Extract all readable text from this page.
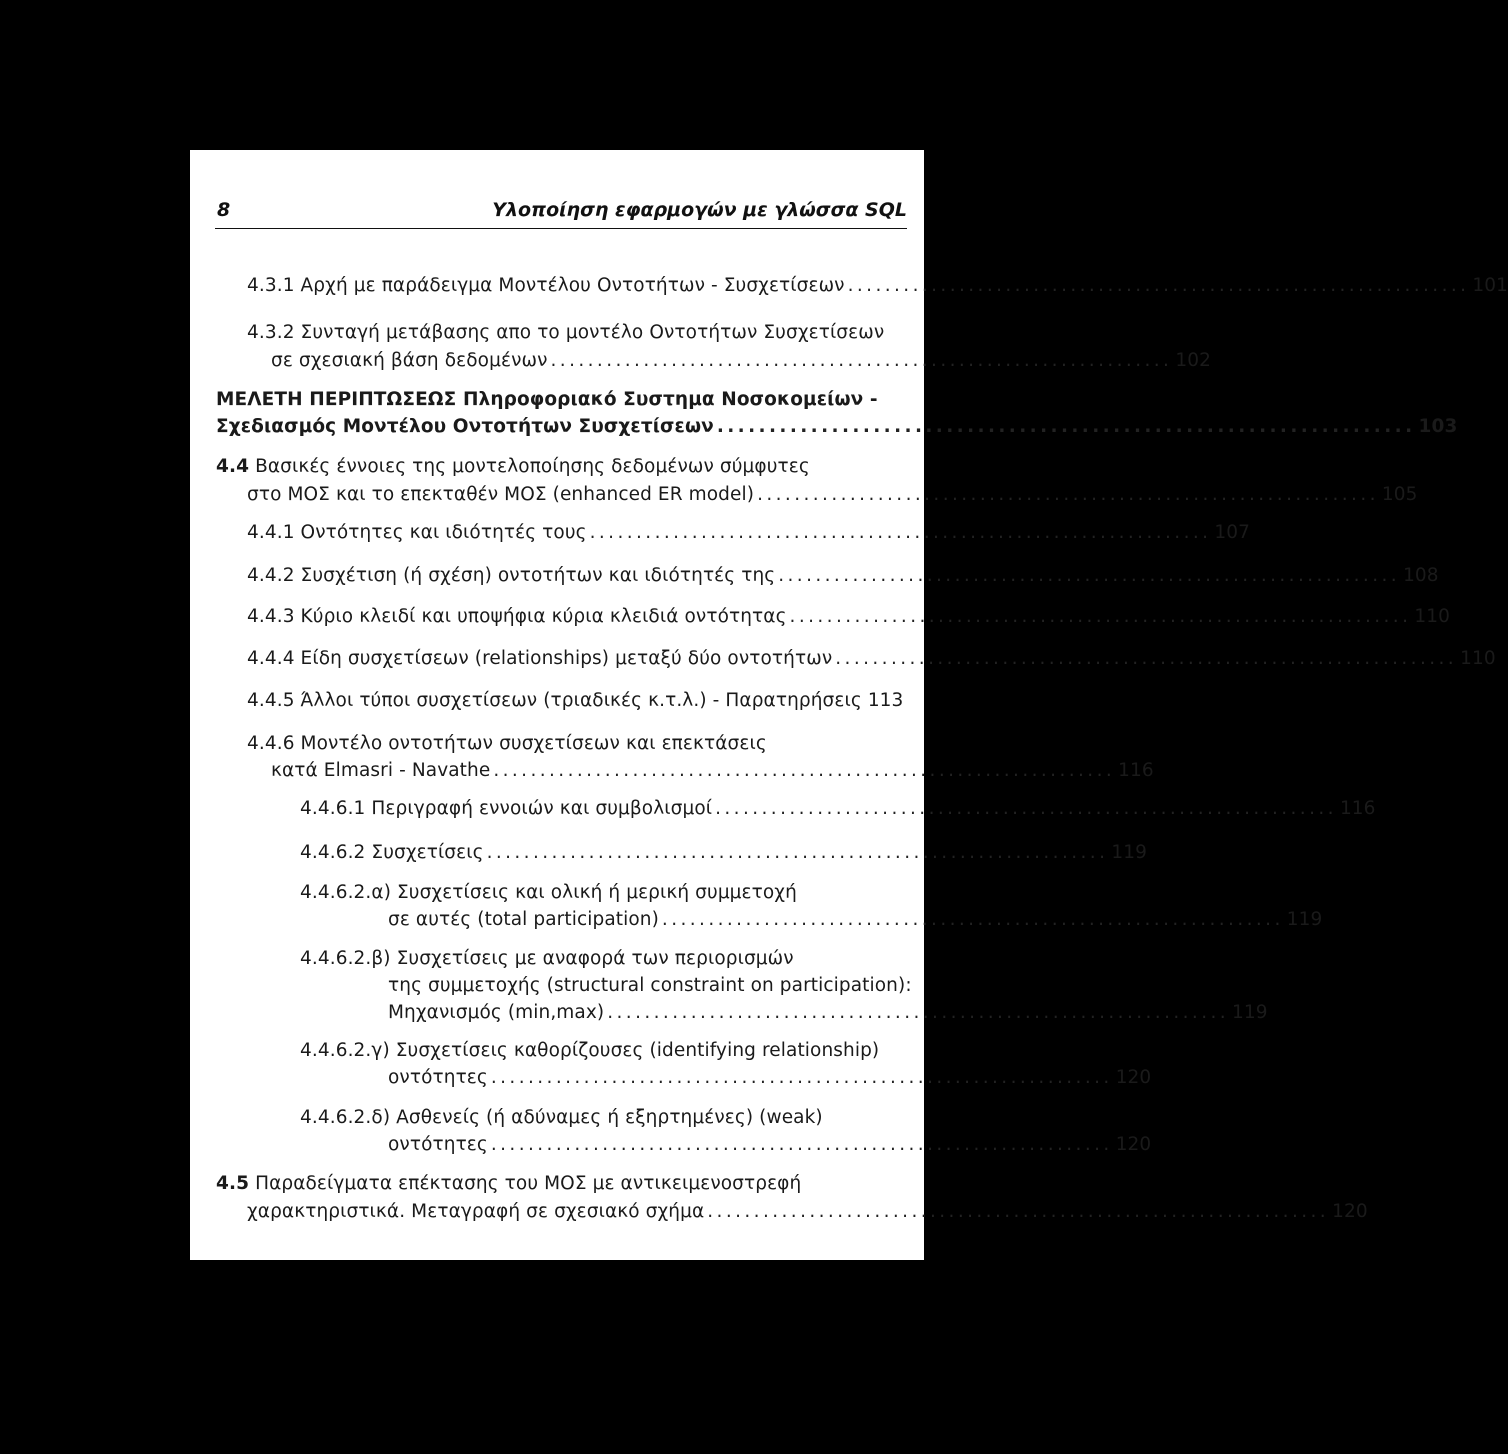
8	Υλοποίηση εφαρμογών με γλώσσα SQL
4.3.1 Αρχή με παράδειγμα Μοντέλου Οντοτήτων - Συσχετίσεων ................................................................... 101
4.3.2 Συνταγή μετάβασης απο το μοντέλο Οντοτήτων Συσχετίσεων
σε σχεσιακή βάση δεδομένων ................................................................... 102
ΜΕΛΕΤΗ ΠΕΡΙΠΤΩΣΕΩΣ Πληροφοριακό Συστημα Νοσοκομείων -
Σχεδιασμός Μοντέλου Οντοτήτων Συσχετίσεων ................................................................... 103
4.4 Βασικές έννοιες της μοντελοποίησης δεδομένων σύμφυτες
στο ΜΟΣ και το επεκταθέν ΜΟΣ (enhanced ER model) ................................................................... 105
4.4.1 Οντότητες και ιδιότητές τους ................................................................... 107
4.4.2 Συσχέτιση (ή σχέση) οντοτήτων και ιδιότητές της ................................................................... 108
4.4.3 Κύριο κλειδί και υποψήφια κύρια κλειδιά οντότητας ................................................................... 110
4.4.4 Είδη συσχετίσεων (relationships) μεταξύ δύο οντοτήτων ................................................................... 110
4.4.5 Άλλοι τύποι συσχετίσεων (τριαδικές κ.τ.λ.) - Παρατηρήσεις 113
4.4.6 Μοντέλο οντοτήτων συσχετίσεων και επεκτάσεις
κατά Elmasri - Navathe ................................................................... 116
4.4.6.1 Περιγραφή εννοιών και συμβολισμοί ................................................................... 116
4.4.6.2 Συσχετίσεις ................................................................... 119
4.4.6.2.α) Συσχετίσεις και ολική ή μερική συμμετοχή
σε αυτές (total participation) ................................................................... 119
4.4.6.2.β) Συσχετίσεις με αναφορά των περιορισμών
της συμμετοχής (structural constraint on participation):
Μηχανισμός (min,max) ................................................................... 119
4.4.6.2.γ) Συσχετίσεις καθορίζουσες (identifying relationship)
οντότητες ................................................................... 120
4.4.6.2.δ) Ασθενείς (ή αδύναμες ή εξηρτημένες) (weak)
οντότητες ................................................................... 120
4.5 Παραδείγματα επέκτασης του ΜΟΣ με αντικειμενοστρεφή
χαρακτηριστικά. Μεταγραφή σε σχεσιακό σχήμα ................................................................... 120
